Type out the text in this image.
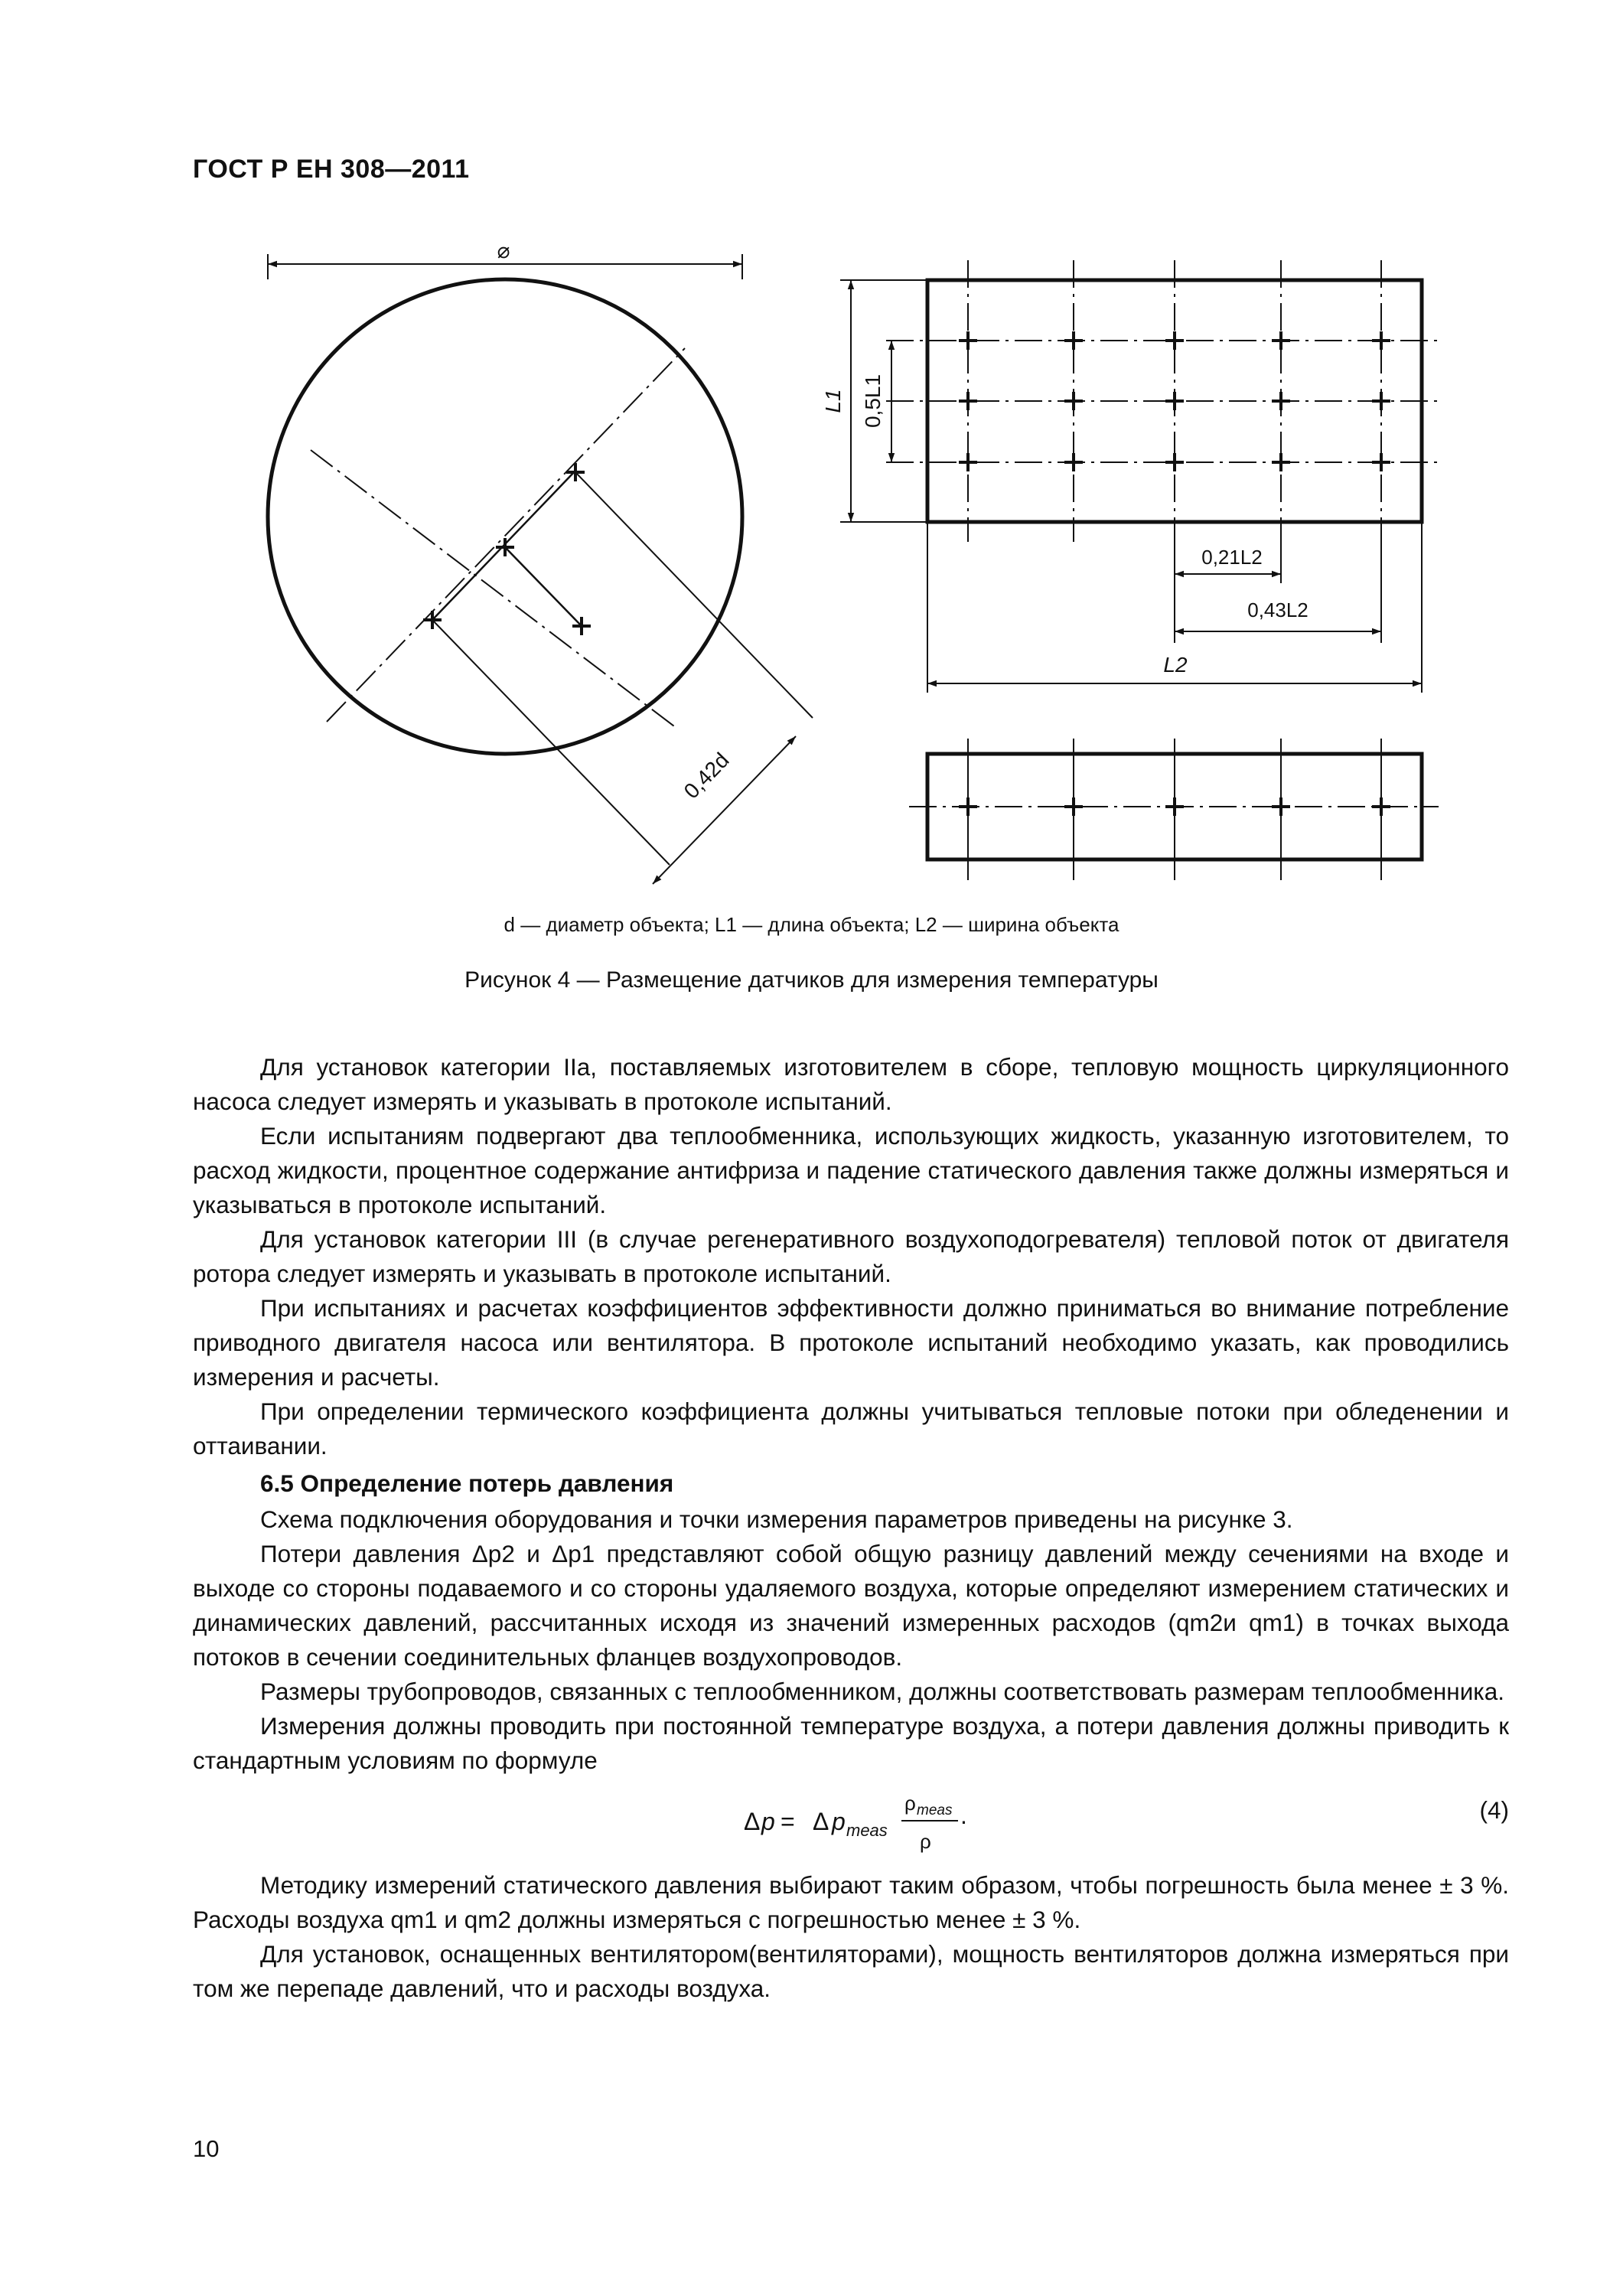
ГОСТ Р ЕН 308—2011
⌀
0,42d
L1 0,5L1
0,21L2
0,43L2
L2
d — диаметр объекта; L1 — длина объекта; L2 — ширина объекта
Рисунок 4 — Размещение датчиков для измерения температуры

Для установок категории IIa, поставляемых изготовителем в сборе, тепловую мощность циркуляционного насоса следует измерять и указывать в протоколе испытаний.

Если испытаниям подвергают два теплообменника, использующих жидкость, указанную изготовителем, то расход жидкости, процентное содержание антифриза и падение статического давления также должны измеряться и указываться в протоколе испытаний.

Для установок категории III (в случае регенеративного воздухоподогревателя) тепловой поток от двигателя ротора следует измерять и указывать в протоколе испытаний.

При испытаниях и расчетах коэффициентов эффективности должно приниматься во внимание потребление приводного двигателя насоса или вентилятора. В протоколе испытаний необходимо указать, как проводились измерения и расчеты.

При определении термического коэффициента должны учитываться тепловые потоки при обледенении и оттаивании.

6.5 Определение потерь давления

Схема подключения оборудования и точки измерения параметров приведены на рисунке 3.

Потери давления Δp2 и Δp1 представляют собой общую разницу давлений между сечениями на входе и выходе со стороны подаваемого и со стороны удаляемого воздуха, которые определяют измерением статических и динамических давлений, рассчитанных исходя из значений измеренных расходов (qm2и qm1) в точках выхода потоков в сечении соединительных фланцев воздухопроводов.

Размеры трубопроводов, связанных с теплообменником, должны соответствовать размерам теплообменника.

Измерения должны проводить при постоянной температуре воздуха, а потери давления должны приводить к стандартным условиям по формуле

Δ p = Δ p meas
ρ meas
ρ
.	(4)

Методику измерений статического давления выбирают таким образом, чтобы погрешность была менее ± 3 %. Расходы воздуха qm1 и qm2 должны измеряться с погрешностью менее ± 3 %.

Для установок, оснащенных вентилятором(вентиляторами), мощность вентиляторов должна измеряться при том же перепаде давлений, что и расходы воздуха.

10
